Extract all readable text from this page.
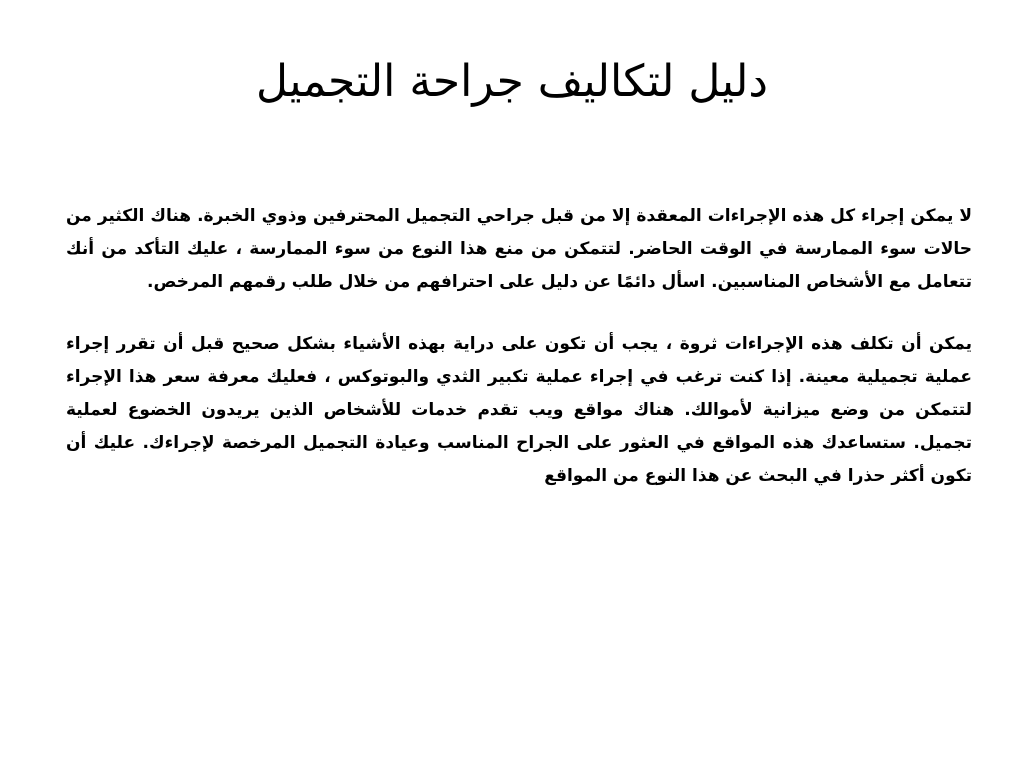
دليل لتكاليف جراحة التجميل

لا يمكن إجراء كل هذه الإجراءات المعقدة إلا من قبل جراحي التجميل المحترفين وذوي الخبرة. هناك الكثير من حالات سوء الممارسة في الوقت الحاضر. لتتمكن من منع هذا النوع من سوء الممارسة ، عليك التأكد من أنك تتعامل مع الأشخاص المناسبين. اسأل دائمًا عن دليل على احترافهم من خلال طلب رقمهم المرخص.

يمكن أن تكلف هذه الإجراءات ثروة ، يجب أن تكون على دراية بهذه الأشياء بشكل صحيح قبل أن تقرر إجراء عملية تجميلية معينة. إذا كنت ترغب في إجراء عملية تكبير الثدي والبوتوكس ، فعليك معرفة سعر هذا الإجراء لتتمكن من وضع ميزانية لأموالك. هناك مواقع ويب تقدم خدمات للأشخاص الذين يريدون الخضوع لعملية تجميل. ستساعدك هذه المواقع في العثور على الجراح المناسب وعيادة التجميل المرخصة لإجراءك. عليك أن تكون أكثر حذرا في البحث عن هذا النوع من المواقع
